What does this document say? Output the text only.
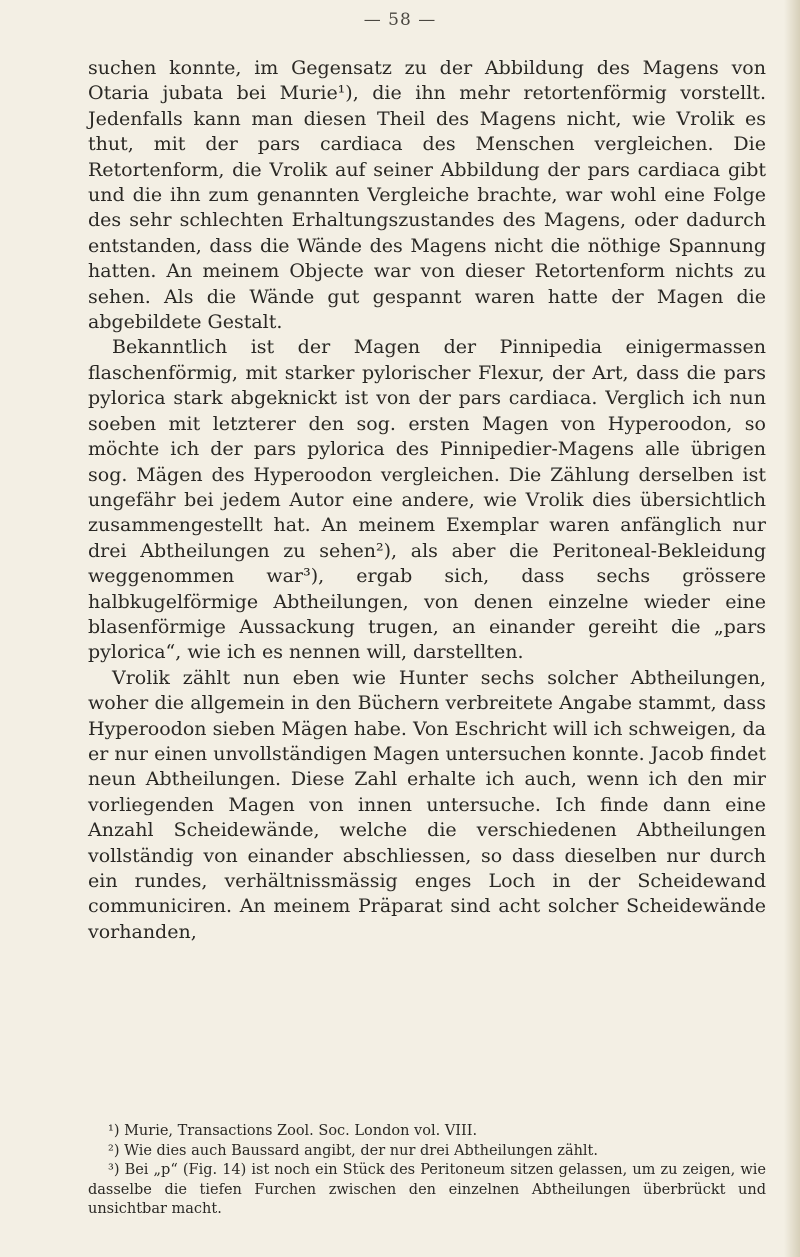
— 58 —

suchen konnte, im Gegensatz zu der Abbildung des Magens von Otaria jubata bei Murie¹), die ihn mehr retortenförmig vorstellt. Jedenfalls kann man diesen Theil des Magens nicht, wie Vrolik es thut, mit der pars cardiaca des Menschen vergleichen. Die Retortenform, die Vrolik auf seiner Abbildung der pars cardiaca gibt und die ihn zum genannten Vergleiche brachte, war wohl eine Folge des sehr schlechten Erhaltungszustandes des Magens, oder dadurch entstanden, dass die Wände des Magens nicht die nöthige Spannung hatten. An meinem Objecte war von dieser Retortenform nichts zu sehen. Als die Wände gut gespannt waren hatte der Magen die abgebildete Gestalt.

Bekanntlich ist der Magen der Pinnipedia einigermassen flaschenförmig, mit starker pylorischer Flexur, der Art, dass die pars pylorica stark abgeknickt ist von der pars cardiaca. Verglich ich nun soeben mit letzterer den sog. ersten Magen von Hyperoodon, so möchte ich der pars pylorica des Pinnipedier-Magens alle übrigen sog. Mägen des Hyperoodon vergleichen. Die Zählung derselben ist ungefähr bei jedem Autor eine andere, wie Vrolik dies übersichtlich zusammengestellt hat. An meinem Exemplar waren anfänglich nur drei Abtheilungen zu sehen²), als aber die Peritoneal-Bekleidung weggenommen war³), ergab sich, dass sechs grössere halbkugelförmige Abtheilungen, von denen einzelne wieder eine blasenförmige Aussackung trugen, an einander gereiht die „pars pylorica“, wie ich es nennen will, darstellten.

Vrolik zählt nun eben wie Hunter sechs solcher Abtheilungen, woher die allgemein in den Büchern verbreitete Angabe stammt, dass Hyperoodon sieben Mägen habe. Von Eschricht will ich schweigen, da er nur einen unvollständigen Magen untersuchen konnte. Jacob findet neun Abtheilungen. Diese Zahl erhalte ich auch, wenn ich den mir vorliegenden Magen von innen untersuche. Ich finde dann eine Anzahl Scheidewände, welche die verschiedenen Abtheilungen vollständig von einander abschliessen, so dass dieselben nur durch ein rundes, verhältnissmässig enges Loch in der Scheidewand communiciren. An meinem Präparat sind acht solcher Scheidewände vorhanden,

¹) Murie, Transactions Zool. Soc. London vol. VIII.

²) Wie dies auch Baussard angibt, der nur drei Abtheilungen zählt.

³) Bei „p“ (Fig. 14) ist noch ein Stück des Peritoneum sitzen gelassen, um zu zeigen, wie dasselbe die tiefen Furchen zwischen den einzelnen Abtheilungen überbrückt und unsichtbar macht.
